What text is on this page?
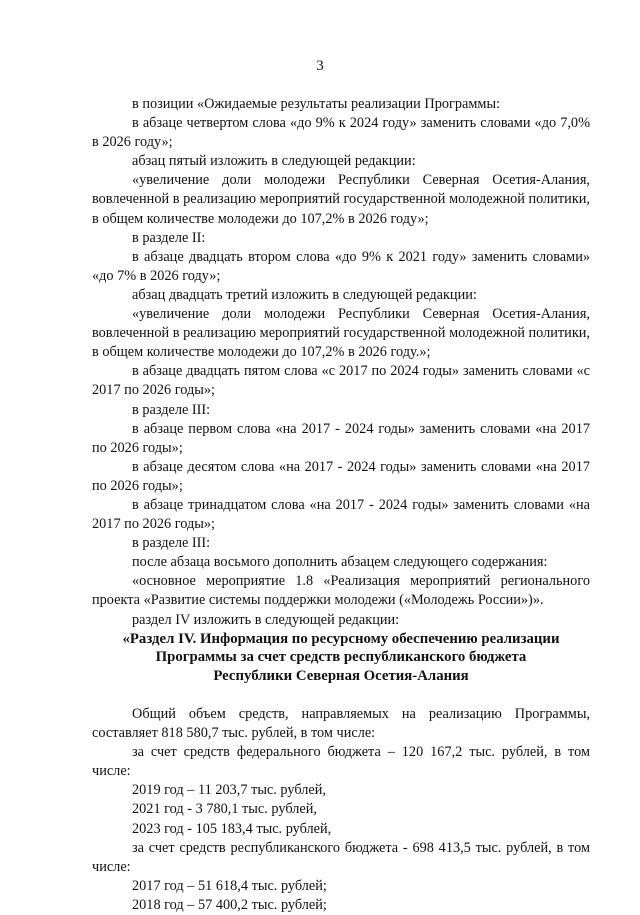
3

в позиции «Ожидаемые результаты реализации Программы:

в абзаце четвертом слова «до 9% к 2024 году» заменить словами «до 7,0% в 2026 году»;

абзац пятый изложить в следующей редакции:

«увеличение доли молодежи Республики Северная Осетия-Алания, вовлеченной в реализацию мероприятий государственной молодежной политики, в общем количестве молодежи до 107,2% в 2026 году»;

в разделе II:

в абзаце двадцать втором слова «до 9% к 2021 году» заменить словами» «до 7% в 2026 году»;

абзац двадцать третий изложить в следующей редакции:

«увеличение доли молодежи Республики Северная Осетия-Алания, вовлеченной в реализацию мероприятий государственной молодежной политики, в общем количестве молодежи до 107,2% в 2026 году.»;

в абзаце двадцать пятом слова «с 2017 по 2024 годы» заменить словами «с 2017 по 2026 годы»;

в разделе III:

в абзаце первом слова «на 2017 - 2024 годы» заменить словами «на 2017 по 2026 годы»;

в абзаце десятом слова «на 2017 - 2024 годы» заменить словами «на 2017 по 2026 годы»;

в абзаце тринадцатом слова «на 2017 - 2024 годы» заменить словами «на 2017 по 2026 годы»;

в разделе III:

после абзаца восьмого дополнить абзацем следующего содержания:

«основное мероприятие 1.8 «Реализация мероприятий регионального проекта «Развитие системы поддержки молодежи («Молодежь России»)».

раздел IV изложить в следующей редакции:

«Раздел IV. Информация по ресурсному обеспечению реализации
Программы за счет средств республиканского бюджета
Республики Северная Осетия-Алания

Общий объем средств, направляемых на реализацию Программы, составляет 818 580,7 тыс. рублей, в том числе:

за счет средств федерального бюджета – 120 167,2 тыс. рублей, в том числе:

2019 год – 11 203,7 тыс. рублей,

2021 год - 3 780,1 тыс. рублей,

2023 год - 105 183,4 тыс. рублей,

за счет средств республиканского бюджета - 698 413,5 тыс. рублей, в том числе:

2017 год – 51 618,4 тыс. рублей;

2018 год – 57 400,2 тыс. рублей;
